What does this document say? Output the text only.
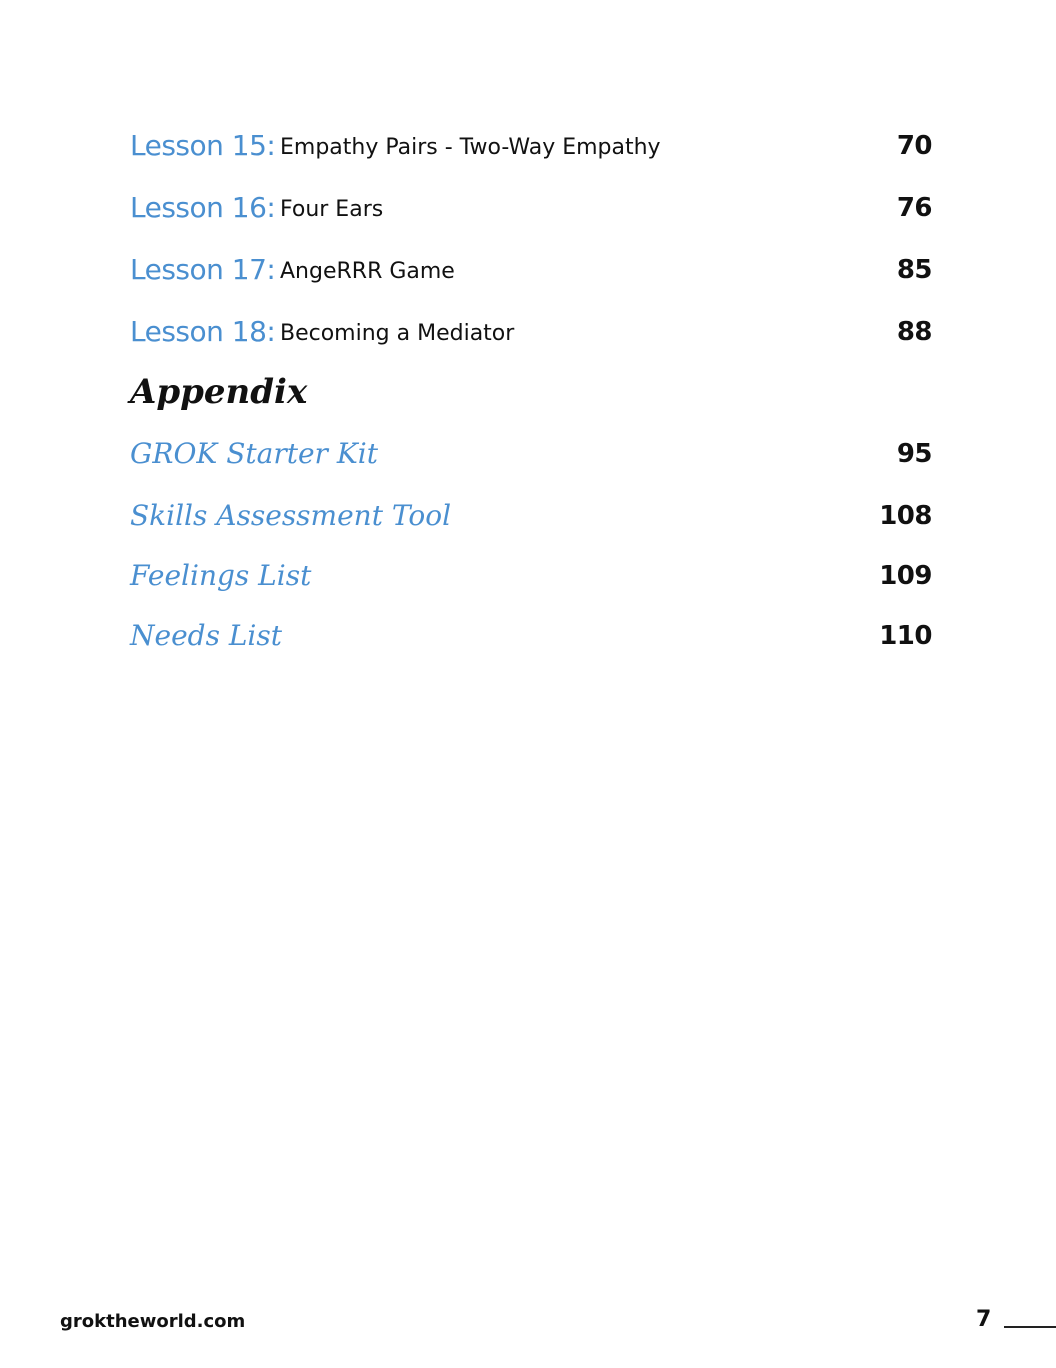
Lesson 15: Empathy Pairs - Two-Way Empathy	70
Lesson 16: Four Ears	76
Lesson 17: AngeRRR Game	85
Lesson 18: Becoming a Mediator	88
Appendix
GROK Starter Kit	95
Skills Assessment Tool	108
Feelings List	109
Needs List	110
groktheworld.com	7
